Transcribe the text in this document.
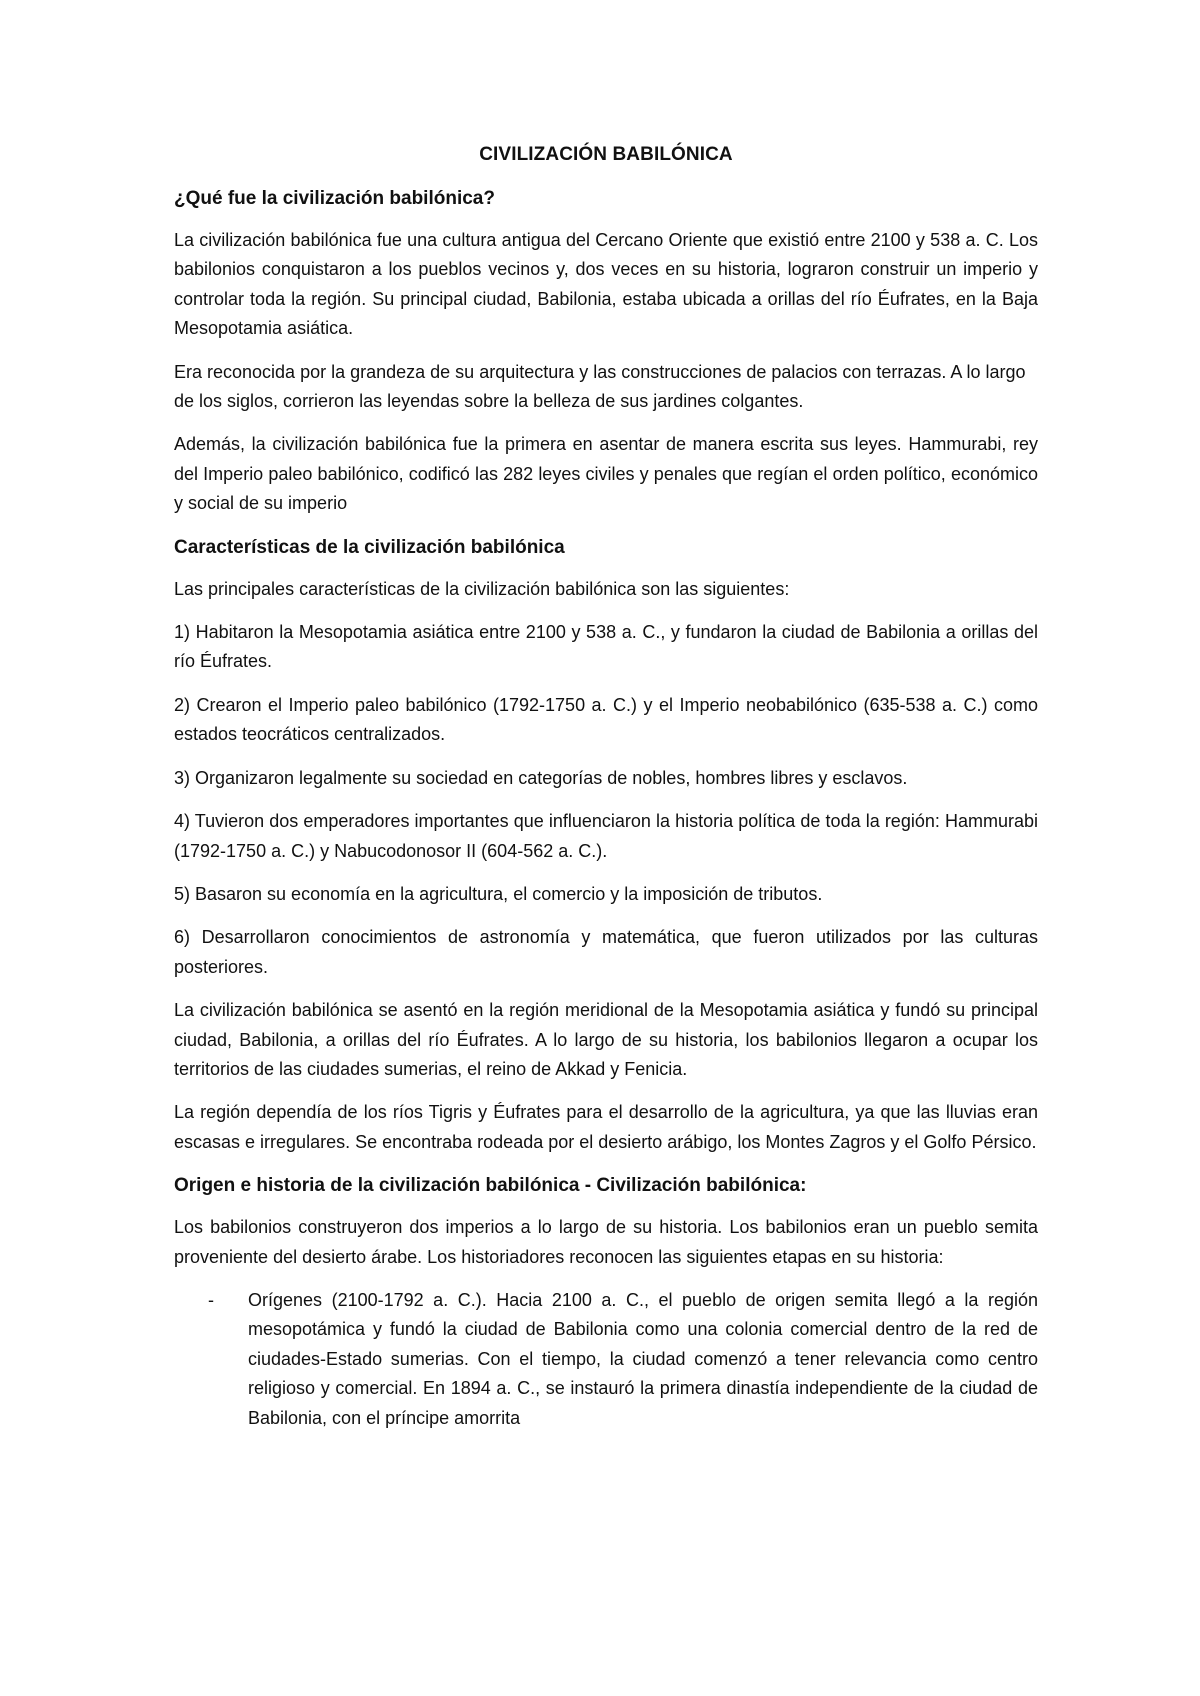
CIVILIZACIÓN BABILÓNICA
¿Qué fue la civilización babilónica?

La civilización babilónica fue una cultura antigua del Cercano Oriente que existió entre 2100 y 538 a. C. Los babilonios conquistaron a los pueblos vecinos y, dos veces en su historia, lograron construir un imperio y controlar toda la región. Su principal ciudad, Babilonia, estaba ubicada a orillas del río Éufrates, en la Baja Mesopotamia asiática.

Era reconocida por la grandeza de su arquitectura y las construcciones de palacios con terrazas. A lo largo de los siglos, corrieron las leyendas sobre la belleza de sus jardines colgantes.

Además, la civilización babilónica fue la primera en asentar de manera escrita sus leyes. Hammurabi, rey del Imperio paleo babilónico, codificó las 282 leyes civiles y penales que regían el orden político, económico y social de su imperio

Características de la civilización babilónica

Las principales características de la civilización babilónica son las siguientes:

1) Habitaron la Mesopotamia asiática entre 2100 y 538 a. C., y fundaron la ciudad de Babilonia a orillas del río Éufrates.

2) Crearon el Imperio paleo babilónico (1792-1750 a. C.) y el Imperio neobabilónico (635-538 a. C.) como estados teocráticos centralizados.

3) Organizaron legalmente su sociedad en categorías de nobles, hombres libres y esclavos.

4) Tuvieron dos emperadores importantes que influenciaron la historia política de toda la región: Hammurabi (1792-1750 a. C.) y Nabucodonosor II (604-562 a. C.).

5) Basaron su economía en la agricultura, el comercio y la imposición de tributos.

6) Desarrollaron conocimientos de astronomía y matemática, que fueron utilizados por las culturas posteriores.

La civilización babilónica se asentó en la región meridional de la Mesopotamia asiática y fundó su principal ciudad, Babilonia, a orillas del río Éufrates. A lo largo de su historia, los babilonios llegaron a ocupar los territorios de las ciudades sumerias, el reino de Akkad y Fenicia.

La región dependía de los ríos Tigris y Éufrates para el desarrollo de la agricultura, ya que las lluvias eran escasas e irregulares. Se encontraba rodeada por el desierto arábigo, los Montes Zagros y el Golfo Pérsico.

Origen e historia de la civilización babilónica - Civilización babilónica:

Los babilonios construyeron dos imperios a lo largo de su historia. Los babilonios eran un pueblo semita proveniente del desierto árabe. Los historiadores reconocen las siguientes etapas en su historia:

- Orígenes (2100-1792 a. C.). Hacia 2100 a. C., el pueblo de origen semita llegó a la región mesopotámica y fundó la ciudad de Babilonia como una colonia comercial dentro de la red de ciudades-Estado sumerias. Con el tiempo, la ciudad comenzó a tener relevancia como centro religioso y comercial. En 1894 a. C., se instauró la primera dinastía independiente de la ciudad de Babilonia, con el príncipe amorrita
